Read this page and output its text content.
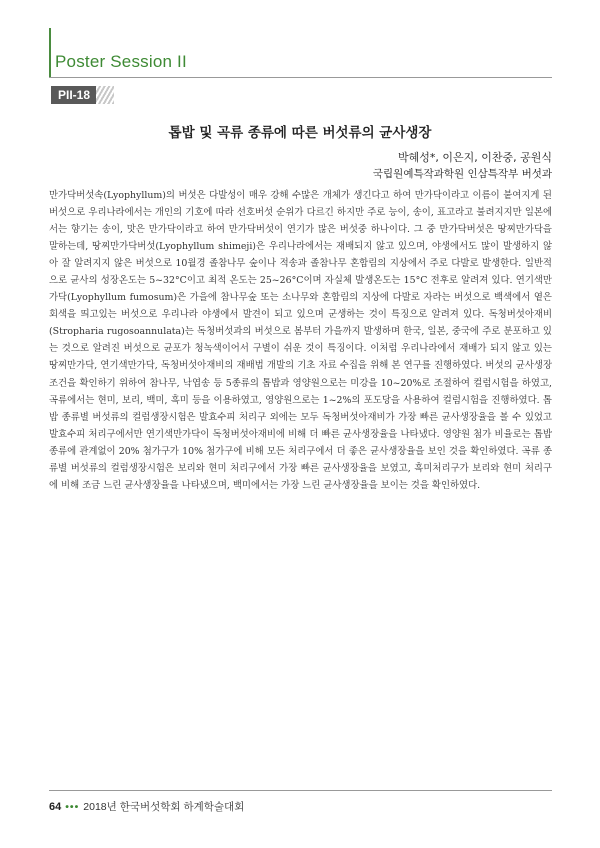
Poster Session II
PII-18
톱밥 및 곡류 종류에 따른 버섯류의 균사생장
박혜성*, 이은지, 이찬중, 공원식
국립원예특작과학원 인삼특작부 버섯과

만가닥버섯속(Lyophyllum)의 버섯은 다발성이 매우 강해 수많은 개체가 생긴다고 하여 만가닥이라고 이름이 붙여지게 된 버섯으로 우리나라에서는 개인의 기호에 따라 선호버섯 순위가 다르긴 하지만 주로 능이, 송이, 표고라고 불려지지만 일본에서는 향기는 송이, 맛은 만가닥이라고 하여 만가닥버섯이 연기가 많은 버섯중 하나이다. 그 중 만가닥버섯은 땅찌만가닥을 말하는데, 땅찌만가닥버섯(Lyophyllum shimeji)은 우리나라에서는 재배되지 않고 있으며, 야생에서도 많이 발생하지 않아 잘 알려지지 않은 버섯으로 10월경 졸참나무 숲이나 적송과 졸참나무 혼합림의 지상에서 주로 다발로 발생한다. 일반적으로 균사의 성장온도는 5~32°C이고 최적 온도는 25~26°C이며 자실체 발생온도는 15°C 전후로 알려져 있다. 연기색만가닥(Lyophyllum fumosum)은 가을에 참나무숲 또는 소나무와 혼합림의 지상에 다발로 자라는 버섯으로 백색에서 옅은 회색을 띄고있는 버섯으로 우리나라 야생에서 발견이 되고 있으며 군생하는 것이 특징으로 알려져 있다. 독청버섯아재비(Stropharia rugosoannulata)는 독청버섯과의 버섯으로 봄부터 가을까지 발생하며 한국, 일본, 중국에 주로 분포하고 있는 것으로 알려진 버섯으로 균포가 청녹색이어서 구별이 쉬운 것이 특징이다. 이처럼 우리나라에서 재배가 되지 않고 있는 땅찌만가닥, 연기색만가닥, 독청버섯아재비의 재배법 개발의 기초 자료 수집을 위해 본 연구를 진행하였다. 버섯의 균사생장조건을 확인하기 위하여 참나무, 낙엽송 등 5종류의 톱밥과 영양원으로는 미강을 10~20%로 조절하여 컬럼시험을 하였고, 곡류에서는 현미, 보리, 백미, 흑미 등을 이용하였고, 영양원으로는 1~2%의 포도당을 사용하여 컬럼시험을 진행하였다. 톱밥 종류별 버섯류의 컬럼생장시험은 발효수피 처리구 외에는 모두 독청버섯아재비가 가장 빠른 균사생장율을 볼 수 있었고 발효수피 처리구에서만 연기색만가닥이 독청버섯아재비에 비해 더 빠른 균사생장율을 나타냈다. 영양원 첨가 비율로는 톱밥종류에 관계없이 20% 첨가구가 10% 첨가구에 비해 모든 처리구에서 더 좋은 균사생장율을 보인 것을 확인하였다. 곡류 종류별 버섯류의 컬럼생장시험은 보리와 현미 처리구에서 가장 빠른 균사생장율을 보였고, 흑미처리구가 보리와 현미 처리구에 비해 조금 느린 균사생장율을 나타냈으며, 백미에서는 가장 느린 균사생장율을 보이는 것을 확인하였다.

64 ••• 2018년 한국버섯학회 하계학술대회
